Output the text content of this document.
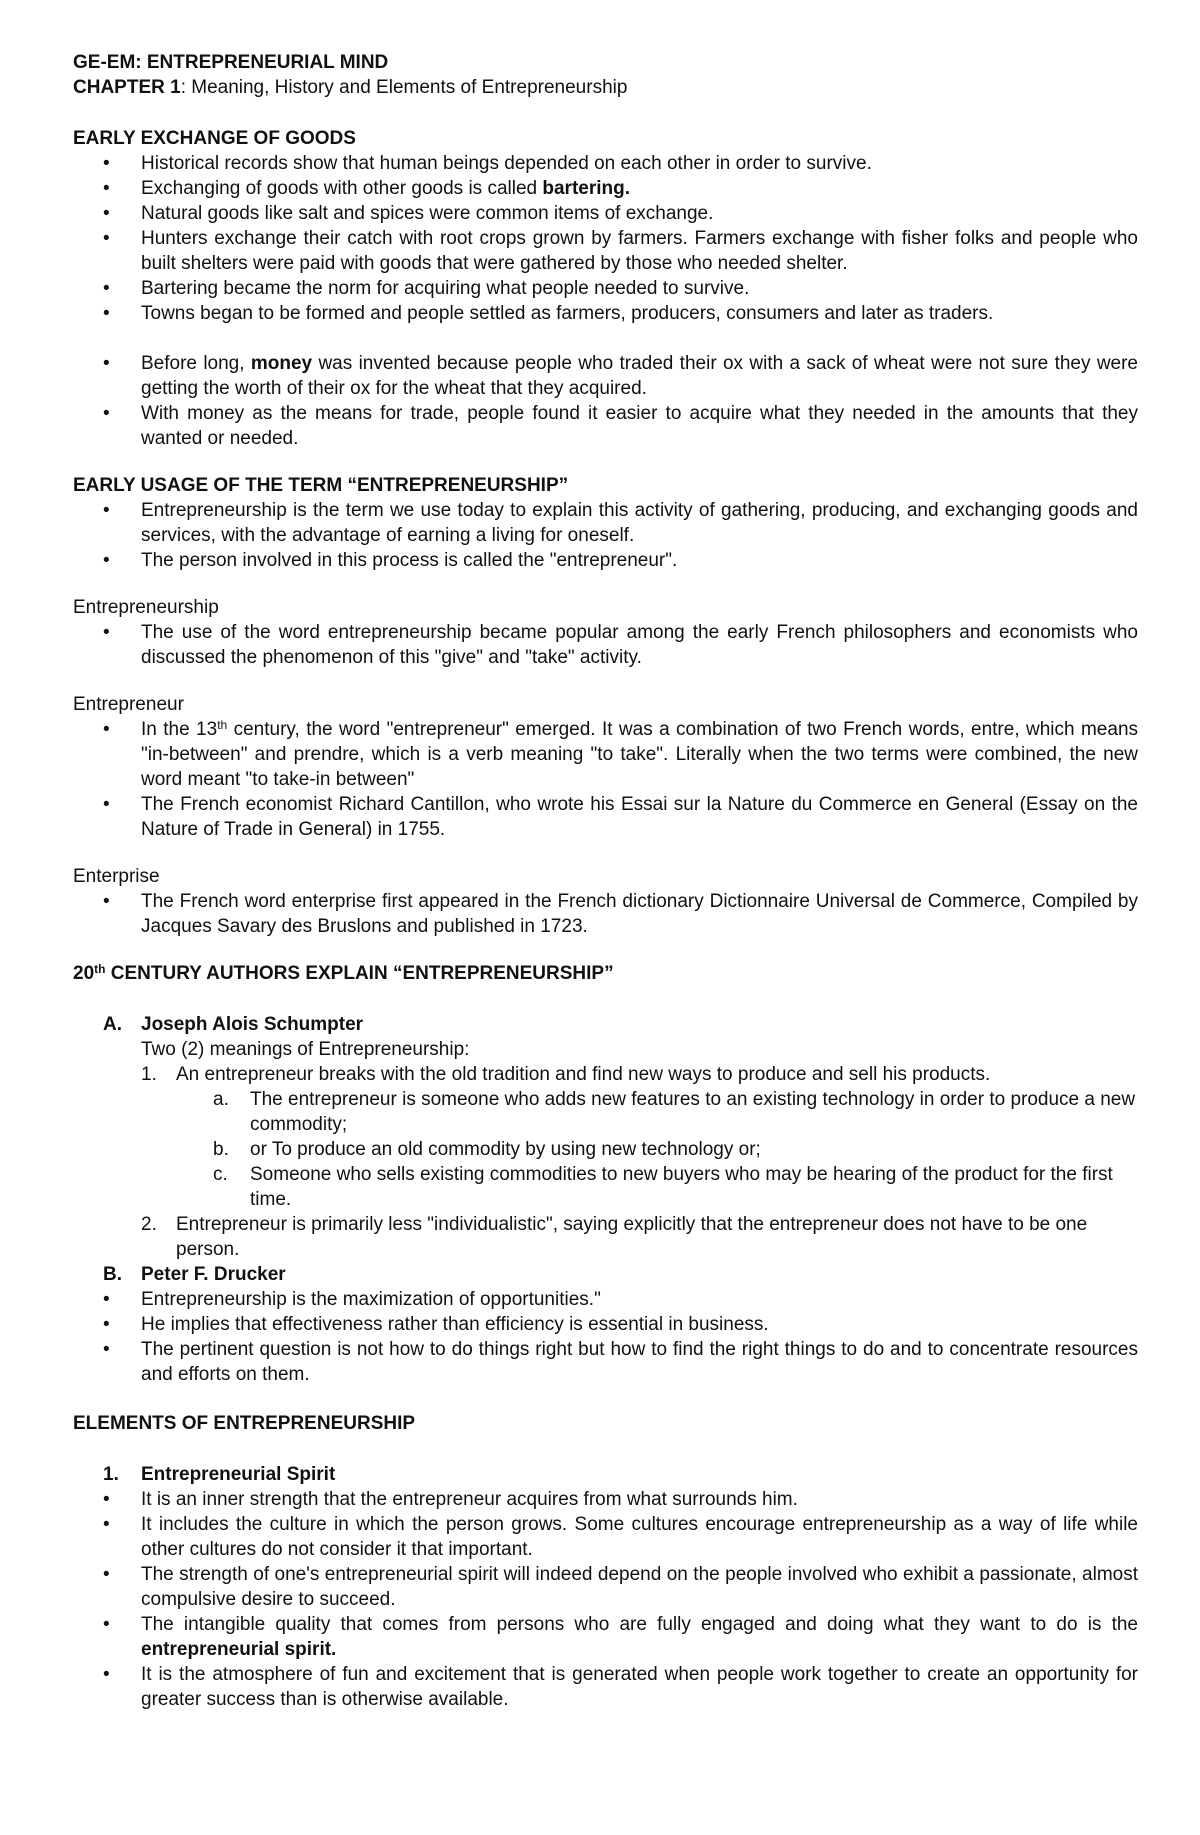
GE-EM: ENTREPRENEURIAL MIND

CHAPTER 1: Meaning, History and Elements of Entrepreneurship

EARLY EXCHANGE OF GOODS
• Historical records show that human beings depended on each other in order to survive.
• Exchanging of goods with other goods is called bartering.
• Natural goods like salt and spices were common items of exchange.
• Hunters exchange their catch with root crops grown by farmers. Farmers exchange with fisher folks and people who built shelters were paid with goods that were gathered by those who needed shelter.
• Bartering became the norm for acquiring what people needed to survive.
• Towns began to be formed and people settled as farmers, producers, consumers and later as traders.
• Before long, money was invented because people who traded their ox with a sack of wheat were not sure they were getting the worth of their ox for the wheat that they acquired.
• With money as the means for trade, people found it easier to acquire what they needed in the amounts that they wanted or needed.
EARLY USAGE OF THE TERM “ENTREPRENEURSHIP”
• Entrepreneurship is the term we use today to explain this activity of gathering, producing, and exchanging goods and services, with the advantage of earning a living for oneself.
• The person involved in this process is called the "entrepreneur".

Entrepreneurship

• The use of the word entrepreneurship became popular among the early French philosophers and economists who discussed the phenomenon of this "give" and "take" activity.

Entrepreneur

• In the 13th century, the word "entrepreneur" emerged. It was a combination of two French words, entre, which means "in-between" and prendre, which is a verb meaning "to take". Literally when the two terms were combined, the new word meant "to take-in between"
• The French economist Richard Cantillon, who wrote his Essai sur la Nature du Commerce en General (Essay on the Nature of Trade in General) in 1755.

Enterprise

• The French word enterprise first appeared in the French dictionary Dictionnaire Universal de Commerce, Compiled by Jacques Savary des Bruslons and published in 1723.
20th CENTURY AUTHORS EXPLAIN “ENTREPRENEURSHIP”
A. Joseph Alois Schumpter
Two (2) meanings of Entrepreneurship:
1. An entrepreneur breaks with the old tradition and find new ways to produce and sell his products.
a. The entrepreneur is someone who adds new features to an existing technology in order to produce a new commodity;
b. or To produce an old commodity by using new technology or;
c. Someone who sells existing commodities to new buyers who may be hearing of the product for the first time.
2. Entrepreneur is primarily less "individualistic", saying explicitly that the entrepreneur does not have to be one person.
B. Peter F. Drucker
• Entrepreneurship is the maximization of opportunities."
• He implies that effectiveness rather than efficiency is essential in business.
• The pertinent question is not how to do things right but how to find the right things to do and to concentrate resources and efforts on them.
ELEMENTS OF ENTREPRENEURSHIP
1. Entrepreneurial Spirit
• It is an inner strength that the entrepreneur acquires from what surrounds him.
• It includes the culture in which the person grows. Some cultures encourage entrepreneurship as a way of life while other cultures do not consider it that important.
• The strength of one's entrepreneurial spirit will indeed depend on the people involved who exhibit a passionate, almost compulsive desire to succeed.
• The intangible quality that comes from persons who are fully engaged and doing what they want to do is the entrepreneurial spirit.
• It is the atmosphere of fun and excitement that is generated when people work together to create an opportunity for greater success than is otherwise available.
